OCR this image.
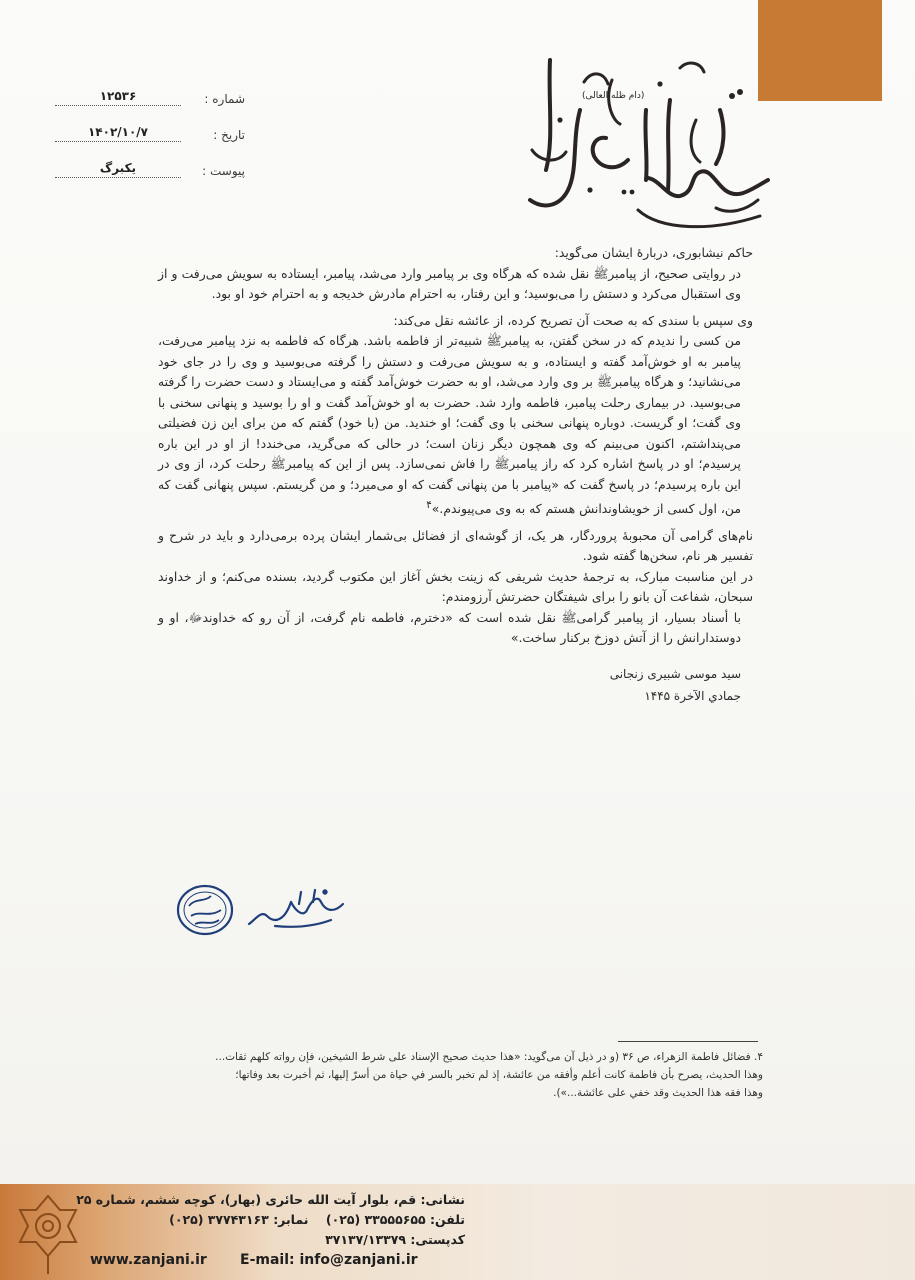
(دام ظله العالی)
شماره :
۱۲۵۳۶
تاریخ :
۱۴۰۲/۱۰/۷
پیوست :
یکبرگ

حاکم نیشابوری، دربارهٔ ایشان می‌گوید:

در روایتی صحیح، از پیامبرﷺ نقل شده که هرگاه وی بر پیامبر وارد می‌شد، پیامبر، ایستاده به سویش می‌رفت و از وی استقبال می‌کرد و دستش را می‌بوسید؛ و این رفتار، به احترام مادرش خدیجه و به احترام خود او بود.

وی سپس با سندی که به صحت آن تصریح کرده، از عائشه نقل می‌کند:

من کسی را ندیدم که در سخن گفتن، به پیامبرﷺ شبیه‌تر از فاطمه باشد. هرگاه که فاطمه به نزد پیامبر می‌رفت، پیامبر به او خوش‌آمد گفته و ایستاده، و به سویش می‌رفت و دستش را گرفته می‌بوسید و وی را در جای خود می‌نشانید؛ و هرگاه پیامبرﷺ بر وی وارد می‌شد، او به حضرت خوش‌آمد گفته و می‌ایستاد و دست حضرت را گرفته می‌بوسید. در بیماری رحلت پیامبر، فاطمه وارد شد. حضرت به او خوش‌آمد گفت و او را بوسید و پنهانی سخنی با وی گفت؛ او گریست. دوباره پنهانی سخنی با وی گفت؛ او خندید. من (با خود) گفتم که من برای این زن فضیلتی می‌پنداشتم، اکنون می‌بینم که وی همچون دیگر زنان است؛ در حالی که می‌گرید، می‌خندد! از او در این باره پرسیدم؛ او در پاسخ اشاره کرد که راز پیامبرﷺ را فاش نمی‌سازد. پس از این که پیامبرﷺ رحلت کرد، از وی در این باره پرسیدم؛ در پاسخ گفت که «پیامبر با من پنهانی گفت که او می‌میرد؛ و من گریستم. سپس پنهانی گفت که من، اول کسی از خویشاوندانش هستم که به وی می‌پیوندم.»$^۴$

نام‌های گرامی آن محبوبهٔ پروردگار، هر یک، از گوشه‌ای از فضائل بی‌شمار ایشان پرده برمی‌دارد و باید در شرح و تفسیر هر نام، سخن‌ها گفته شود.

در این مناسبت مبارک، به ترجمهٔ حدیث شریفی که زینت بخش آغاز این مکتوب گردید، بسنده می‌کنم؛ و از خداوند سبحان، شفاعت آن بانو را برای شیفتگان حضرتش آرزومندم:

با أسناد بسیار، از پیامبر گرامیﷺ نقل شده است که «دخترم، فاطمه نام گرفت، از آن رو که خداوندﷻ، او و دوستدارانش را از آتش دوزخ برکنار ساخت.»

سید موسی شبیری زنجانی
جمادي الآخرة ۱۴۴۵

۴. فضائل فاطمة الزهراء، ص ۳۶ (و در ذیل آن می‌گوید: «هذا حديث صحيح الإسناد على شرط الشيخين، فإن رواته كلهم ثقات...

وهذا الحديث، يصرح بأن فاطمة كانت أعلم وأفقه من عائشة، إذ لم تخبر بالسر في حياة من أسرّ إليها، ثم أخبرت بعد وفاتها؛

وهذا فقه هذا الحديث وقد خفي على عائشة...»).

نشانی: قم، بلوار آیت الله حائری (بهار)، کوچه ششم، شماره ۲۵
تلفن: ۳۳۵۵۵۶۵۵ (۰۲۵)    نمابر: ۳۷۷۴۳۱۶۳ (۰۲۵)
کدپستی: ۳۷۱۳۷/۱۳۳۷۹
E-mail: info@zanjani.ir
www.zanjani.ir
